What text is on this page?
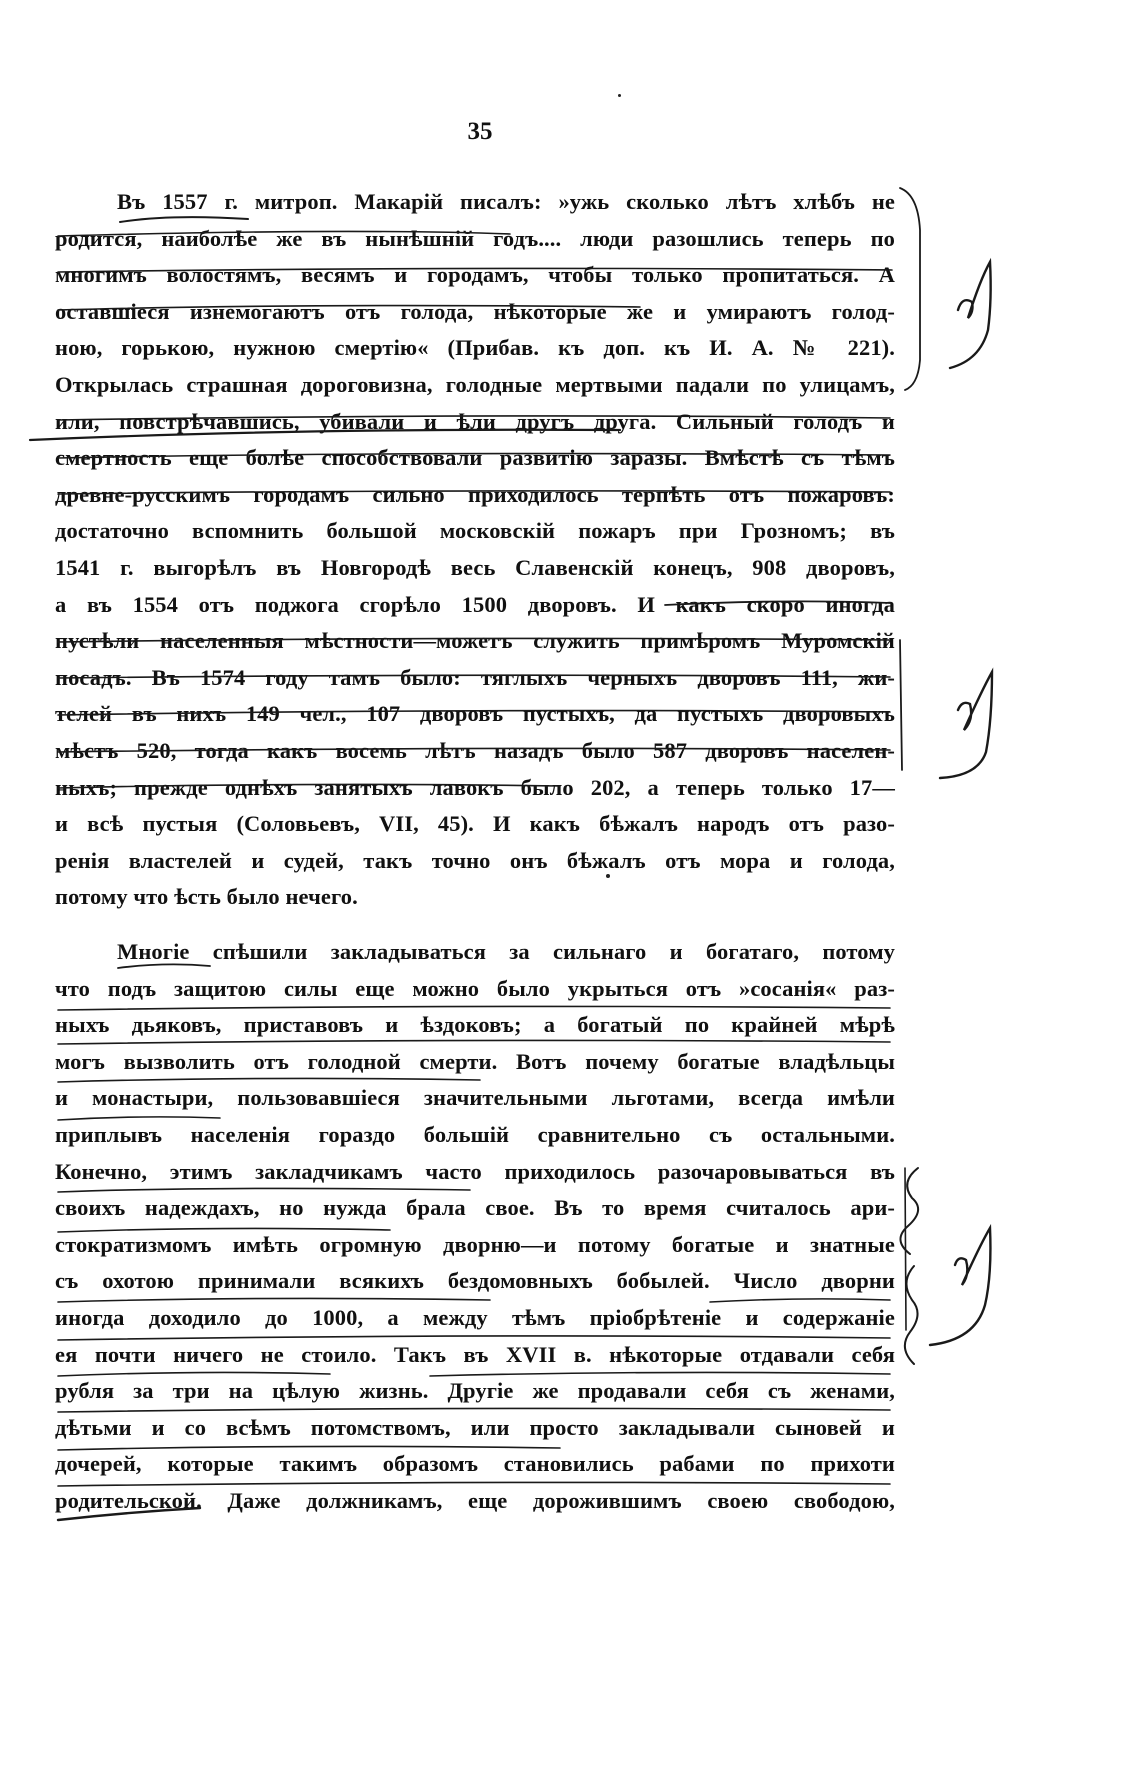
35
Въ 1557 г. митроп. Макарій писалъ: »ужь сколько лѣтъ хлѣбъ не
родится, наиболѣе же въ нынѣшній годъ.... люди разошлись теперь по
многимъ волостямъ, весямъ и городамъ, чтобы только пропитаться. А
оставшіеся изнемогаютъ отъ голода, нѣкоторые же и умираютъ голод-
ною, горькою, нужною смертію« (Прибав. къ доп. къ И. А. № 221).
Открылась страшная дороговизна, голодные мертвыми падали по улицамъ,
или, повстрѣчавшись, убивали и ѣли другъ друга. Сильный голодъ и
смертность еще болѣе способствовали развитію заразы. Вмѣстѣ съ тѣмъ
древне-русскимъ городамъ сильно приходилось терпѣть отъ пожаровъ:
достаточно вспомнить большой московскій пожаръ при Грозномъ; въ
1541 г. выгорѣлъ въ Новгородѣ весь Славенскій конецъ, 908 дворовъ,
а въ 1554 отъ поджога сгорѣло 1500 дворовъ. И какъ скоро иногда
пустѣли населенныя мѣстности—можетъ служить примѣромъ Муромскій
посадъ. Въ 1574 году тамъ было: тяглыхъ черныхъ дворовъ 111, жи-
телей въ нихъ 149 чел., 107 дворовъ пустыхъ, да пустыхъ дворовыхъ
мѣстъ 520, тогда какъ восемь лѣтъ назадъ было 587 дворовъ населен-
ныхъ; прежде однѣхъ занятыхъ лавокъ было 202, а теперь только 17—
и всѣ пустыя (Соловьевъ, VII, 45). И какъ бѣжалъ народъ отъ разо-
ренія властелей и судей, такъ точно онъ бѣжалъ отъ мора и голода,
потому что ѣсть было нечего.
Многіе спѣшили закладываться за сильнаго и богатаго, потому
что подъ защитою силы еще можно было укрыться отъ »сосанія« раз-
ныхъ дьяковъ, приставовъ и ѣздоковъ; а богатый по крайней мѣрѣ
могъ вызволить отъ голодной смерти. Вотъ почему богатые владѣльцы
и монастыри, пользовавшіеся значительными льготами, всегда имѣли
приплывъ населенія гораздо большій сравнительно съ остальными.
Конечно, этимъ закладчикамъ часто приходилось разочаровываться въ
своихъ надеждахъ, но нужда брала свое. Въ то время считалось ари-
стократизмомъ имѣть огромную дворню—и потому богатые и знатные
съ охотою принимали всякихъ бездомовныхъ бобылей. Число дворни
иногда доходило до 1000, а между тѣмъ пріобрѣтеніе и содержаніе
ея почти ничего не стоило. Такъ въ XVII в. нѣкоторые отдавали себя
рубля за три на цѣлую жизнь. Другіе же продавали себя съ женами,
дѣтьми и со всѣмъ потомствомъ, или просто закладывали сыновей и
дочерей, которые такимъ образомъ становились рабами по прихоти
родительской. Даже должникамъ, еще дорожившимъ своею свободою,
